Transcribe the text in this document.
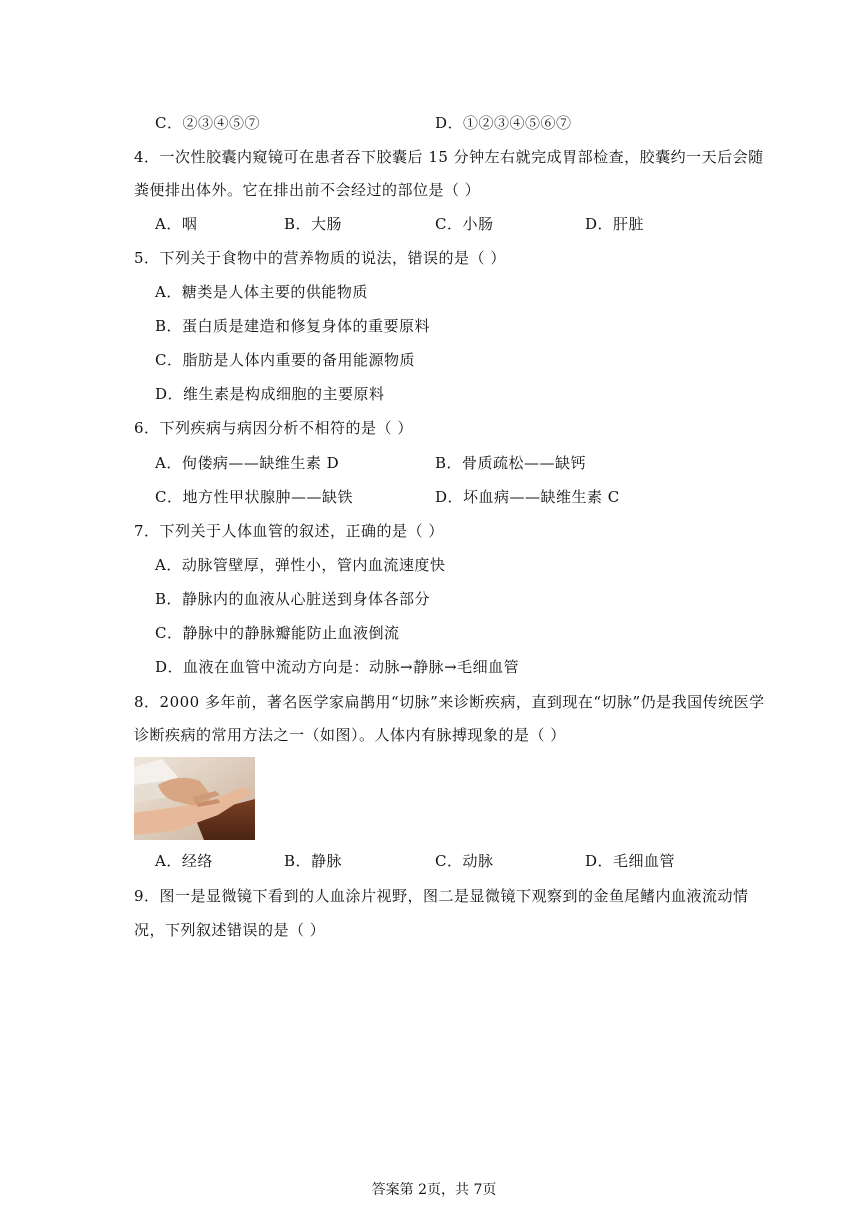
C．②③④⑤⑦	D．①②③④⑤⑥⑦
4．一次性胶囊内窥镜可在患者吞下胶囊后 15 分钟左右就完成胃部检查，胶囊约一天后会随
粪便排出体外。它在排出前不会经过的部位是（ ）
A．咽	B．大肠	C．小肠	D．肝脏
5．下列关于食物中的营养物质的说法，错误的是（ ）
A．糖类是人体主要的供能物质
B．蛋白质是建造和修复身体的重要原料
C．脂肪是人体内重要的备用能源物质
D．维生素是构成细胞的主要原料
6．下列疾病与病因分析不相符的是（ ）
A．佝偻病——缺维生素 D	B．骨质疏松——缺钙
C．地方性甲状腺肿——缺铁	D．坏血病——缺维生素 C
7．下列关于人体血管的叙述，正确的是（ ）
A．动脉管壁厚，弹性小，管内血流速度快
B．静脉内的血液从心脏送到身体各部分
C．静脉中的静脉瓣能防止血液倒流
D．血液在血管中流动方向是：动脉→静脉→毛细血管
8．2000 多年前，著名医学家扁鹊用“切脉”来诊断疾病，直到现在“切脉”仍是我国传统医学
诊断疾病的常用方法之一（如图）。人体内有脉搏现象的是（ ）
A．经络	B．静脉	C．动脉	D．毛细血管
9．图一是显微镜下看到的人血涂片视野，图二是显微镜下观察到的金鱼尾鳍内血液流动情
况，下列叙述错误的是（ ）
答案第 2页，共 7页
